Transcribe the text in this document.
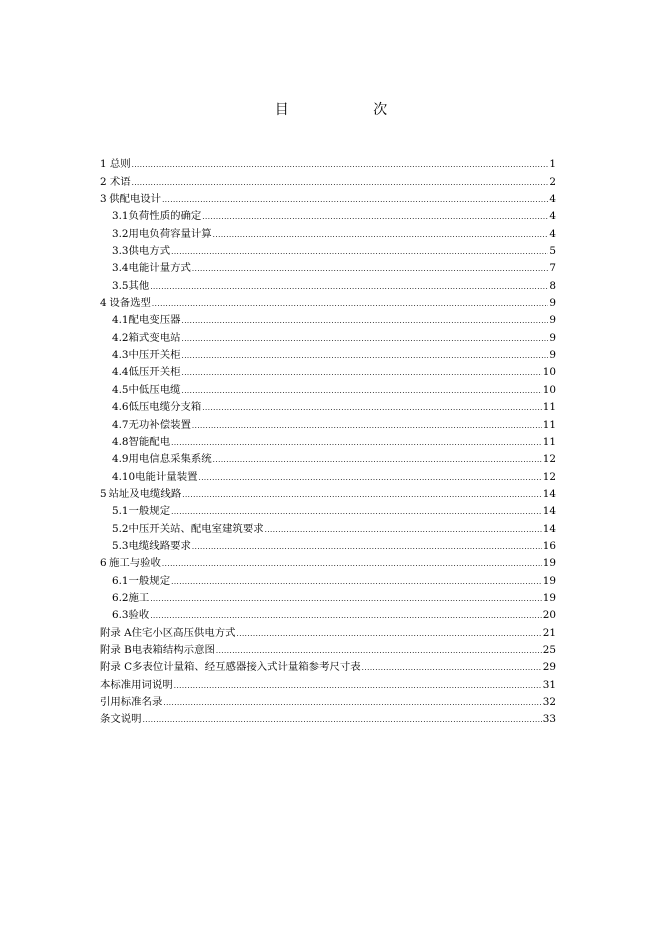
目 次
1 总则 .....	1
2 术语 .....	2
3 供配电设计 .....	4
3.1 负荷性质的确定 .....	4
3.2 用电负荷容量计算 .....	4
3.3 供电方式 .....	5
3.4 电能计量方式 .....	7
3.5 其他 .....	8
4 设备选型 .....	9
4.1 配电变压器 .....	9
4.2 箱式变电站 .....	9
4.3 中压开关柜 .....	9
4.4 低压开关柜 .....	10
4.5 中低压电缆 .....	10
4.6 低压电缆分支箱 .....	11
4.7 无功补偿装置 .....	11
4.8 智能配电 .....	11
4.9 用电信息采集系统 .....	12
4.10 电能计量装置 .....	12
5 站址及电缆线路 .....	14
5.1 一般规定 .....	14
5.2 中压开关站、配电室建筑要求 .....	14
5.3 电缆线路要求 .....	16
6 施工与验收 .....	19
6.1 一般规定 .....	19
6.2 施工 .....	19
6.3 验收 .....	20
附录 A 住宅小区高压供电方式 .....	21
附录 B 电表箱结构示意图 .....	25
附录 C 多表位计量箱、经互感器接入式计量箱参考尺寸表 .....	29
本标准用词说明 .....	31
引用标准名录 .....	32
条文说明 .....	33
